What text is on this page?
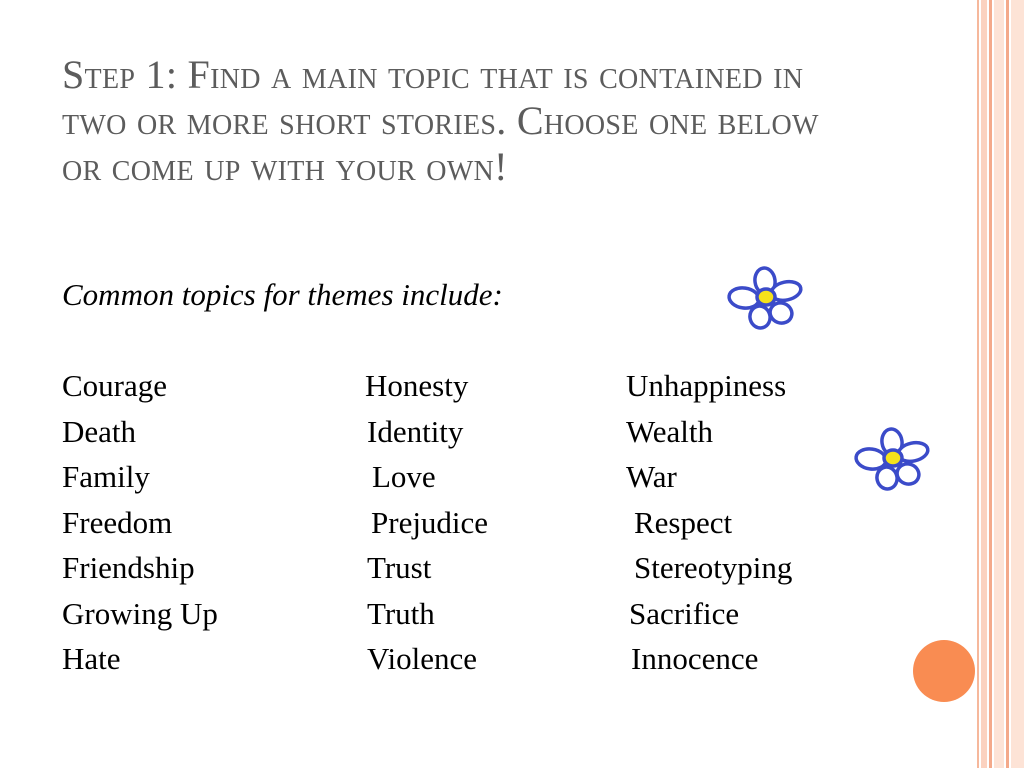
Step 1: Find a main topic that is contained in two or more short stories. Choose one below or come up with your own!

Common topics for themes include:

Courage
Death
Family
Freedom
Friendship
Growing Up
Hate
Honesty
Identity
Love
Prejudice
Trust
Truth
Violence
Unhappiness
Wealth
War
Respect
Stereotyping
Sacrifice
Innocence
